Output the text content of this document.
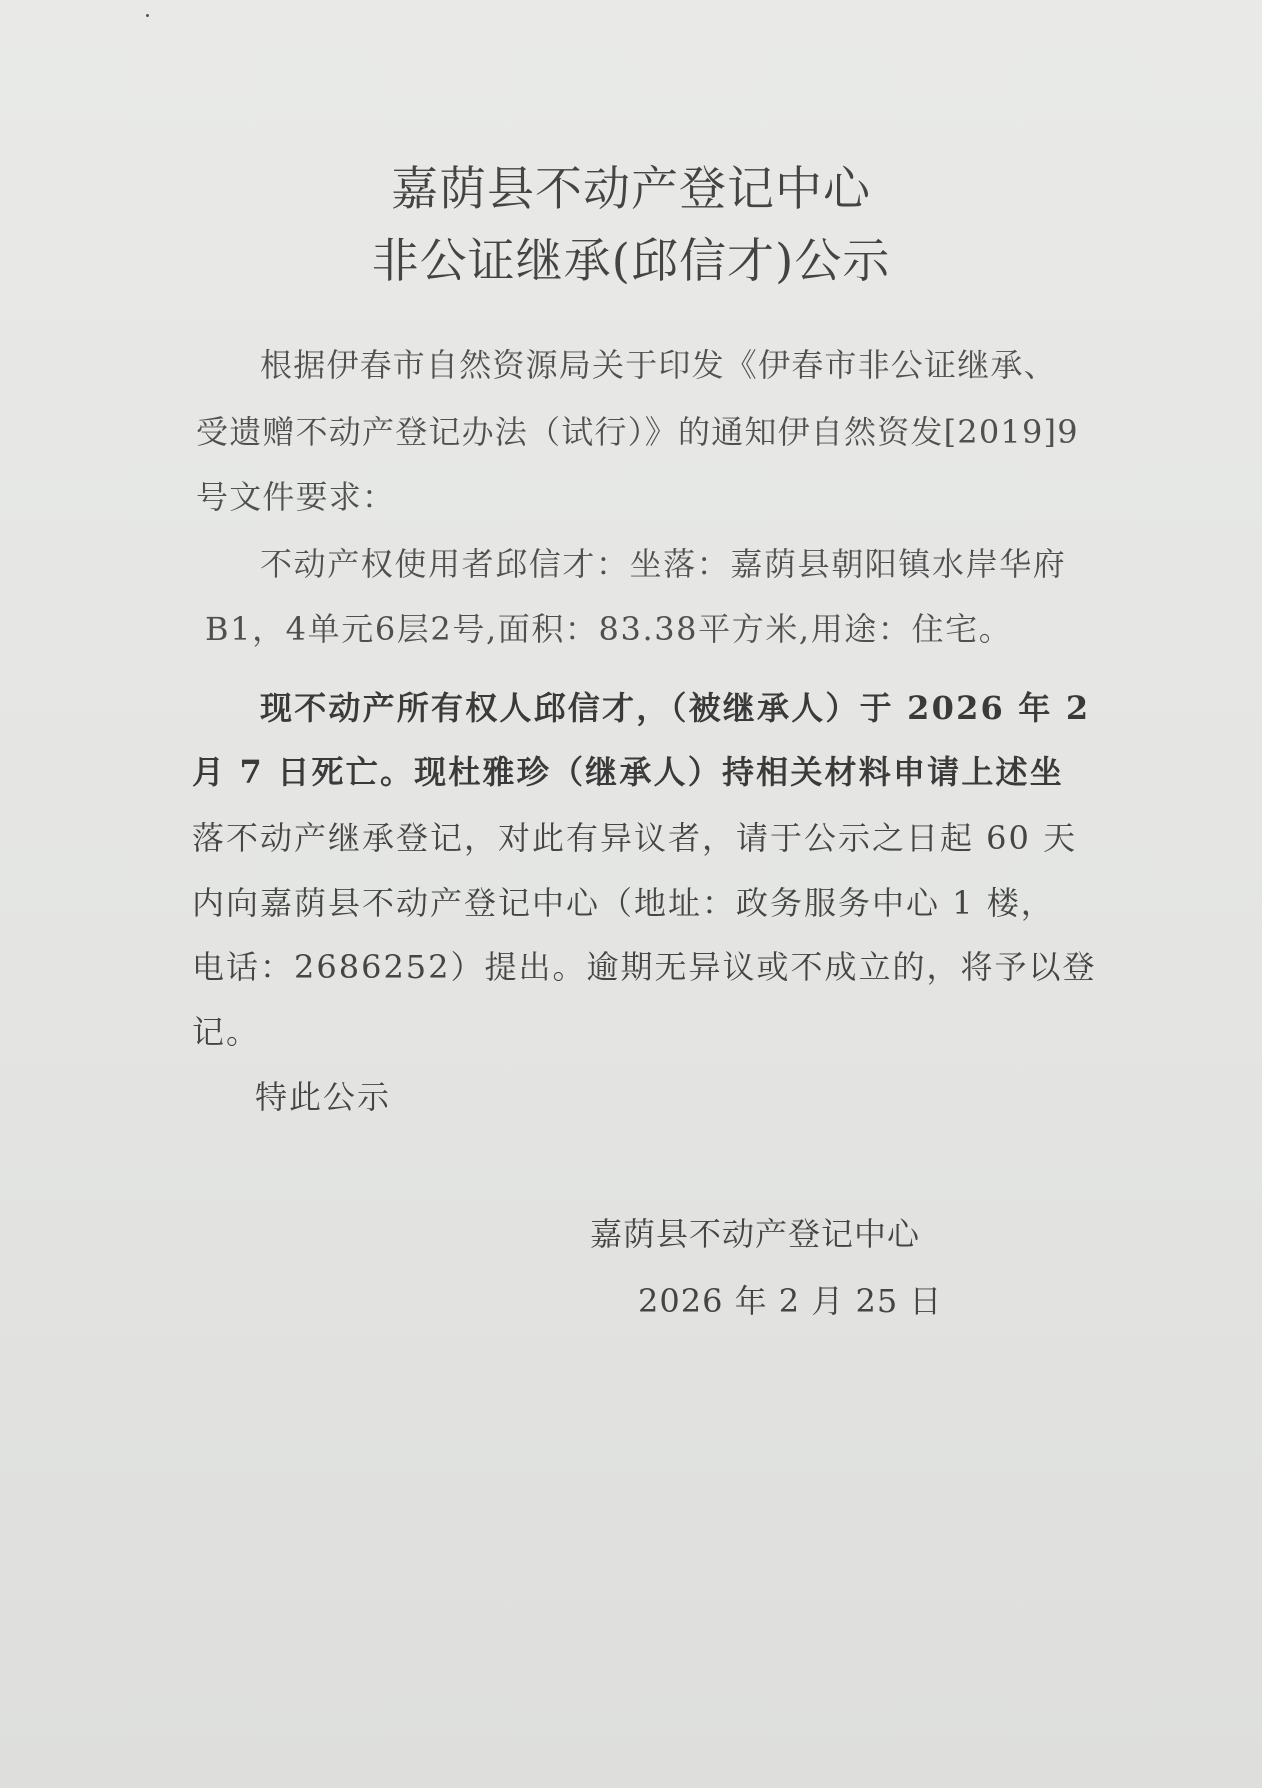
嘉荫县不动产登记中心
非公证继承(邱信才)公示
根据伊春市自然资源局关于印发《伊春市非公证继承、
受遗赠不动产登记办法（试行）》的通知伊自然资发[2019]9
号文件要求：
不动产权使用者邱信才：坐落：嘉荫县朝阳镇水岸华府
B1，4单元6层2号,面积：83.38平方米,用途：住宅。
现不动产所有权人邱信才，（被继承人）于 2026 年 2
月 7 日死亡。现杜雅珍（继承人）持相关材料申请上述坐
落不动产继承登记，对此有异议者，请于公示之日起 60 天
内向嘉荫县不动产登记中心（地址：政务服务中心 1 楼，
电话：2686252）提出。逾期无异议或不成立的，将予以登
记。
特此公示
嘉荫县不动产登记中心
2026 年 2 月 25 日
